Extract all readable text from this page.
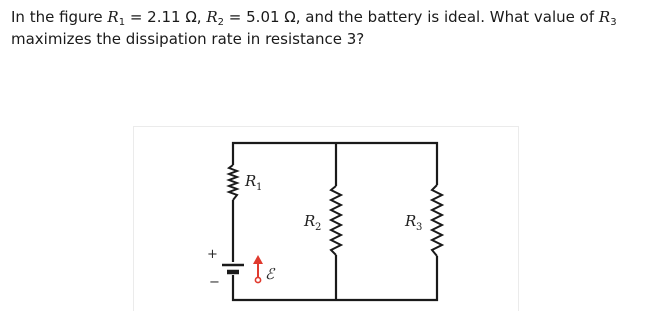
In the figure $R_1 = 2.11$ Ω, $R_2 = 5.01$ Ω, and the battery is ideal. What value of $R_3$ maximizes the dissipation rate in resistance 3?

R 1
R 2	R 3
ℰ
+
−
